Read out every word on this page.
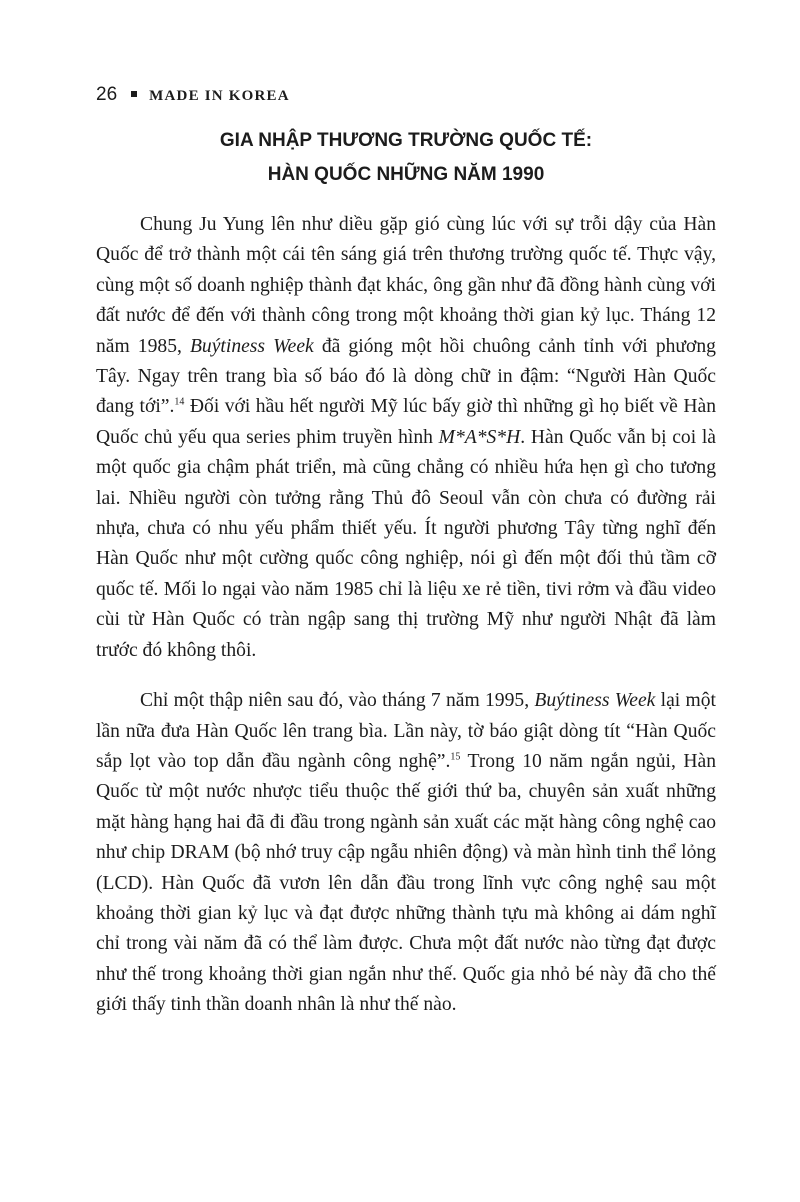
26 MADE IN KOREA
GIA NHẬP THƯƠNG TRƯỜNG QUỐC TẾ:
HÀN QUỐC NHỮNG NĂM 1990

Chung Ju Yung lên như diều gặp gió cùng lúc với sự trỗi dậy của Hàn Quốc để trở thành một cái tên sáng giá trên thương trường quốc tế. Thực vậy, cùng một số doanh nghiệp thành đạt khác, ông gần như đã đồng hành cùng với đất nước để đến với thành công trong một khoảng thời gian kỷ lục. Tháng 12 năm 1985, Buýtiness Week đã gióng một hồi chuông cảnh tỉnh với phương Tây. Ngay trên trang bìa số báo đó là dòng chữ in đậm: “Người Hàn Quốc đang tới”.$^{14}$ Đối với hầu hết người Mỹ lúc bấy giờ thì những gì họ biết về Hàn Quốc chủ yếu qua series phim truyền hình M*A*S*H. Hàn Quốc vẫn bị coi là một quốc gia chậm phát triển, mà cũng chẳng có nhiều hứa hẹn gì cho tương lai. Nhiều người còn tưởng rằng Thủ đô Seoul vẫn còn chưa có đường rải nhựa, chưa có nhu yếu phẩm thiết yếu. Ít người phương Tây từng nghĩ đến Hàn Quốc như một cường quốc công nghiệp, nói gì đến một đối thủ tầm cỡ quốc tế. Mối lo ngại vào năm 1985 chỉ là liệu xe rẻ tiền, tivi rởm và đầu video cùi từ Hàn Quốc có tràn ngập sang thị trường Mỹ như người Nhật đã làm trước đó không thôi.

Chỉ một thập niên sau đó, vào tháng 7 năm 1995, Buýtiness Week lại một lần nữa đưa Hàn Quốc lên trang bìa. Lần này, tờ báo giật dòng tít “Hàn Quốc sắp lọt vào top dẫn đầu ngành công nghệ”.$^{15}$ Trong 10 năm ngắn ngủi, Hàn Quốc từ một nước nhược tiểu thuộc thế giới thứ ba, chuyên sản xuất những mặt hàng hạng hai đã đi đầu trong ngành sản xuất các mặt hàng công nghệ cao như chip DRAM (bộ nhớ truy cập ngẫu nhiên động) và màn hình tinh thể lỏng (LCD). Hàn Quốc đã vươn lên dẫn đầu trong lĩnh vực công nghệ sau một khoảng thời gian kỷ lục và đạt được những thành tựu mà không ai dám nghĩ chỉ trong vài năm đã có thể làm được. Chưa một đất nước nào từng đạt được như thế trong khoảng thời gian ngắn như thế. Quốc gia nhỏ bé này đã cho thế giới thấy tinh thần doanh nhân là như thế nào.
